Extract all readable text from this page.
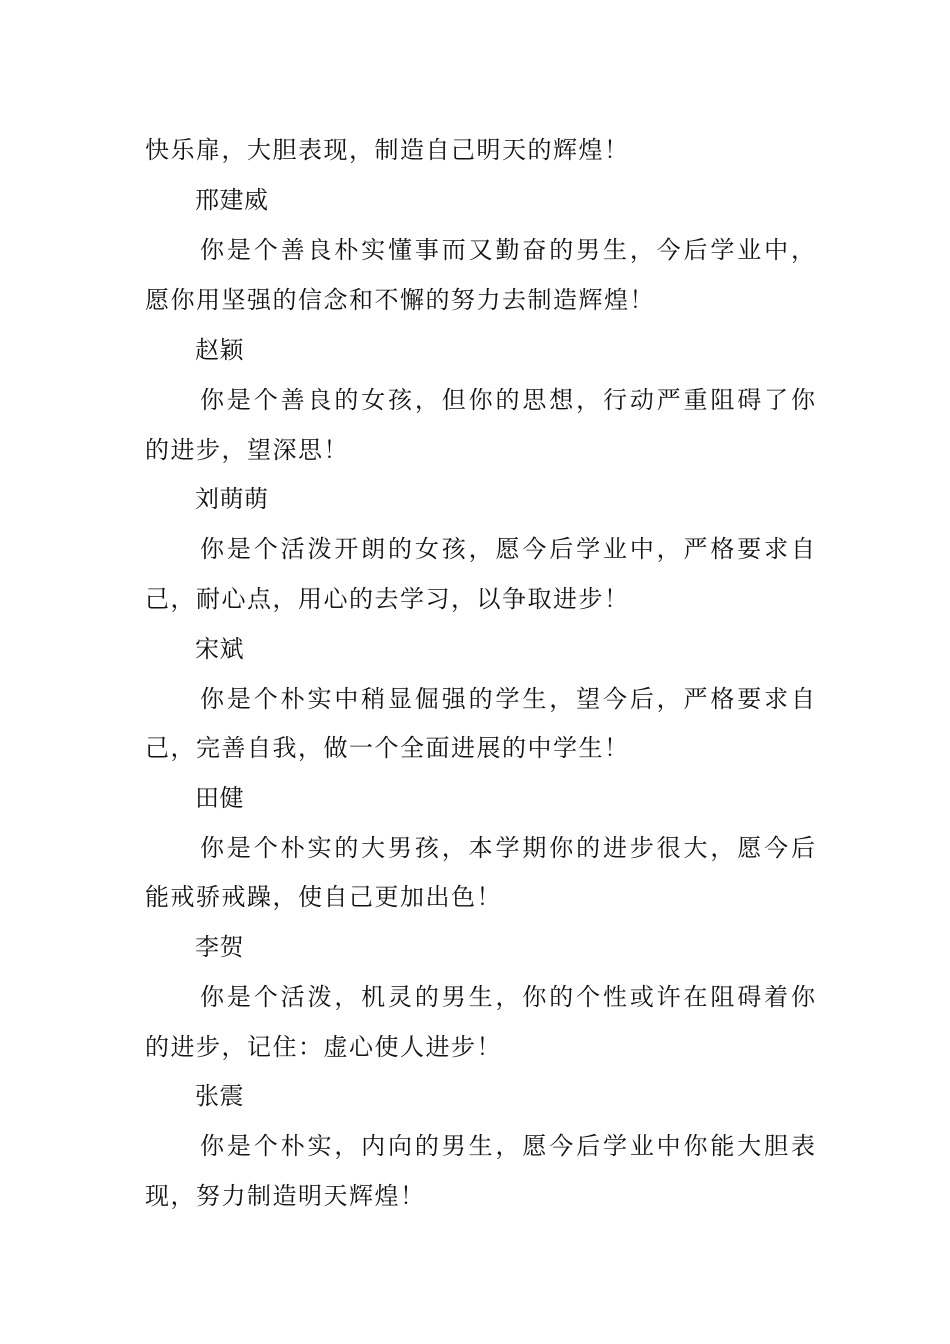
快乐扉，大胆表现，制造自己明天的辉煌！
邢建威
你是个善良朴实懂事而又勤奋的男生，今后学业中，
愿你用坚强的信念和不懈的努力去制造辉煌！
赵颖
你是个善良的女孩，但你的思想，行动严重阻碍了你
的进步，望深思！
刘萌萌
你是个活泼开朗的女孩，愿今后学业中，严格要求自
己，耐心点，用心的去学习，以争取进步！
宋斌
你是个朴实中稍显倔强的学生，望今后，严格要求自
己，完善自我，做一个全面进展的中学生！
田健
你是个朴实的大男孩，本学期你的进步很大，愿今后
能戒骄戒躁，使自己更加出色！
李贺
你是个活泼，机灵的男生，你的个性或许在阻碍着你
的进步，记住：虚心使人进步！
张震
你是个朴实，内向的男生，愿今后学业中你能大胆表
现，努力制造明天辉煌！
